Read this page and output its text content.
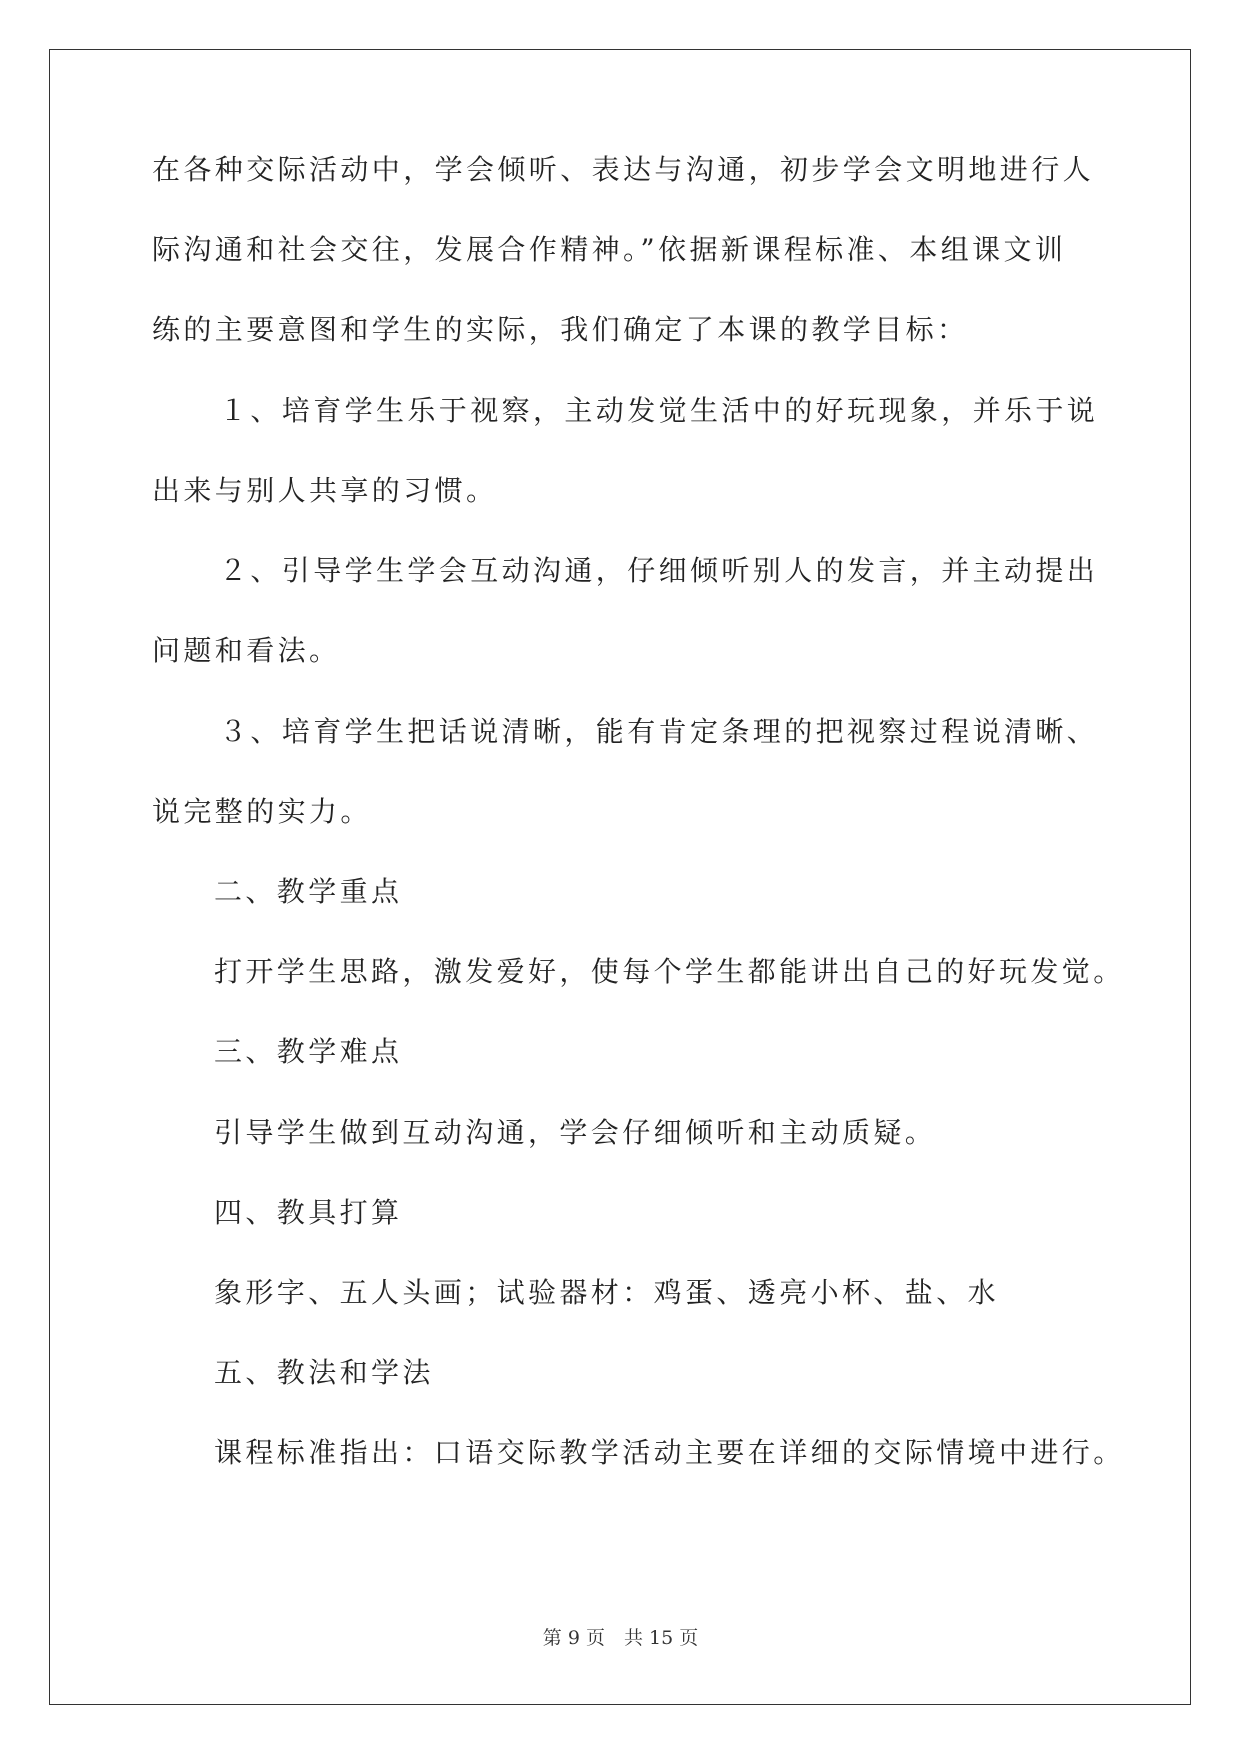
在各种交际活动中，学会倾听、表达与沟通，初步学会文明地进行人
际沟通和社会交往，发展合作精神。”依据新课程标准、本组课文训
练的主要意图和学生的实际，我们确定了本课的教学目标：
１、培育学生乐于视察，主动发觉生活中的好玩现象，并乐于说
出来与别人共享的习惯。
２、引导学生学会互动沟通，仔细倾听别人的发言，并主动提出
问题和看法。
３、培育学生把话说清晰，能有肯定条理的把视察过程说清晰、
说完整的实力。
二、教学重点
打开学生思路，激发爱好，使每个学生都能讲出自己的好玩发觉。
三、教学难点
引导学生做到互动沟通，学会仔细倾听和主动质疑。
四、教具打算
象形字、五人头画；试验器材：鸡蛋、透亮小杯、盐、水
五、教法和学法
课程标准指出：口语交际教学活动主要在详细的交际情境中进行。
第 9 页　共 15 页
